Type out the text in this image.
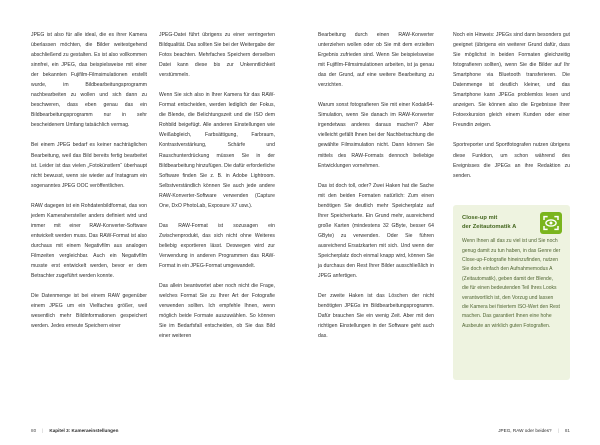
JPEG ist also für alle ideal, die es ihrer Kamera überlassen möchten, die Bilder weitestgehend abschließend zu gestalten. Es ist also vollkommen sinnfrei, ein JPEG, das beispielsweise mit einer der bekannten Fujifilm-Filmsimulationen erstellt wurde, im Bildbearbeitungsprogramm nachbearbeiten zu wollen und sich dann zu beschweren, dass eben genau das ein Bildbearbeitungsprogramm nur in sehr bescheidenem Umfang tatsächlich vermag.

Bei einem JPEG bedarf es keiner nachträglichen Bearbeitung, weil das Bild bereits fertig bearbeitet ist. Leider ist das vielen „Fotokünstlern“ überhaupt nicht bewusst, wenn sie wieder auf Instagram ein sogenanntes JPEG OOC veröffentlichen.

RAW dagegen ist ein Rohdatenbildformat, das von jedem Kamerahersteller anders definiert wird und immer mit einer RAW-Konverter-Software entwickelt werden muss. Das RAW-Format ist also durchaus mit einem Negativfilm aus analogen Filmzeiten vergleichbar. Auch ein Negativfilm musste erst entwickelt werden, bevor er dem Betrachter zugeführt werden konnte.

Die Datenmenge ist bei einem RAW gegenüber einem JPEG um ein Vielfaches größer, weil wesentlich mehr Bildinformationen gespeichert werden. Jedes erneute Speichern einer

JPEG-Datei führt übrigens zu einer verringerten Bildqualität. Das sollten Sie bei der Weitergabe der Fotos beachten. Mehrfaches Speichern derselben Datei kann diese bis zur Unkenntlichkeit verstümmeln.

Wenn Sie sich also in Ihrer Kamera für das RAW-Format entscheiden, werden lediglich der Fokus, die Blende, die Belichtungszeit und die ISO dem Rohbild beigefügt. Alle anderen Einstellungen wie Weißabgleich, Farbsättigung, Farbraum, Kontrastverstärkung, Schärfe und Rauschunterdrückung müssen Sie in der Bildbearbeitung hinzufügen. Die dafür erforderliche Software finden Sie z. B. in Adobe Lightroom. Selbstverständlich können Sie auch jede andere RAW-Konverter-Software verwenden (Capture One, DxO PhotoLab, Exposure X7 usw.).

Das RAW-Format ist sozusagen ein Zwischenprodukt, das sich nicht ohne Weiteres beliebig exportieren lässt. Deswegen wird zur Verwendung in anderen Programmen das RAW-Format in ein JPEG-Format umgewandelt.

Das allein beantwortet aber noch nicht die Frage, welches Format Sie zu Ihrer Art der Fotografie verwenden sollten. Ich empfehle Ihnen, wenn möglich beide Formate auszuwählen. So können Sie im Bedarfsfall entscheiden, ob Sie das Bild einer weiteren

80 | Kapitel 3: Kameraeinstellungen

Bearbeitung durch einen RAW-Konverter unterziehen wollen oder ob Sie mit dem erzielten Ergebnis zufrieden sind. Wenn Sie beispielsweise mit Fujifilm-Filmsimulationen arbeiten, ist ja genau das der Grund, auf eine weitere Bearbeitung zu verzichten.

Warum sonst fotografieren Sie mit einer Kodak64-Simulation, wenn Sie danach im RAW-Konverter irgendetwas anderes daraus machen? Aber vielleicht gefällt Ihnen bei der Nachbetrachtung die gewählte Filmsimulation nicht. Dann können Sie mittels des RAW-Formats dennoch beliebige Entwicklungen vornehmen.

Das ist doch toll, oder? Zwei Haken hat die Sache mit den beiden Formaten natürlich: Zum einen benötigen Sie deutlich mehr Speicherplatz auf Ihrer Speicherkarte. Ein Grund mehr, ausreichend große Karten (mindestens 32 GByte, besser 64 GByte) zu verwenden. Oder Sie führen ausreichend Ersatzkarten mit sich. Und wenn der Speicherplatz doch einmal knapp wird, können Sie ja durchaus den Rest Ihrer Bilder ausschließlich in JPEG anfertigen.

Der zweite Haken ist das Löschen der nicht benötigten JPEGs im Bildbearbeitungsprogramm. Dafür brauchen Sie ein wenig Zeit. Aber mit den richtigen Einstellungen in der Software geht auch das.

Noch ein Hinweis: JPEGs sind dann besonders gut geeignet (übrigens ein weiterer Grund dafür, dass Sie möglichst in beiden Formaten gleichzeitig fotografieren sollten), wenn Sie die Bilder auf Ihr Smartphone via Bluetooth transferieren. Die Datenmenge ist deutlich kleiner, und das Smartphone kann JPEGs problemlos lesen und anzeigen. Sie können also die Ergebnisse Ihrer Fotoexkursion gleich einem Kunden oder einer Freundin zeigen.

Sportreporter und Sportfotografen nutzen übrigens diese Funktion, um schon während des Ereignisses die JPEGs an ihre Redaktion zu senden.

Close-up mit
der Zeitautomatik A

Wenn Ihnen all das zu viel ist und Sie noch genug damit zu tun haben, in das Genre der Close-up-Fotografie hineinzufinden, nutzen Sie doch einfach den Aufnahmemodus A (Zeitautomatik), geben damit der Blende, die für einen bedeutenden Teil Ihres Looks verantwortlich ist, den Vorzug und lassen die Kamera bei fixiertem ISO-Wert den Rest machen. Das garantiert Ihnen eine hohe Ausbeute an wirklich guten Fotografien.

JPEG, RAW oder beides? | 81
